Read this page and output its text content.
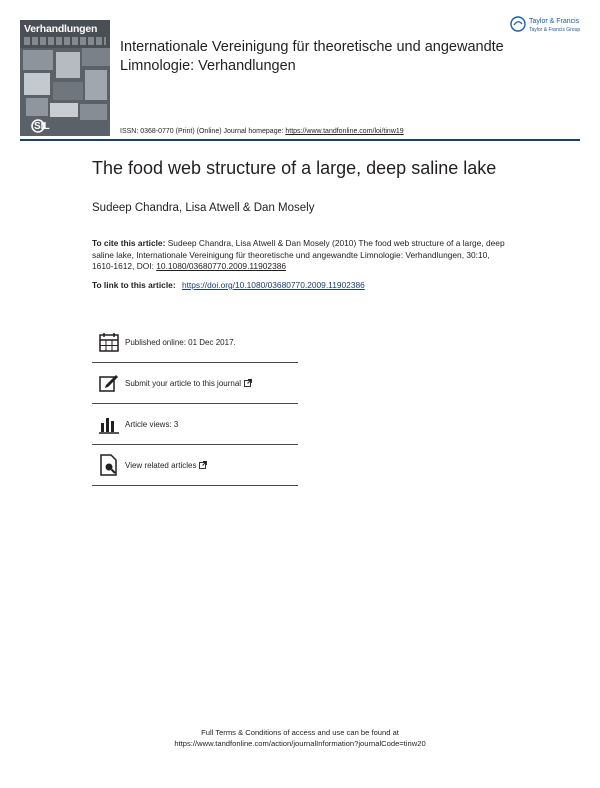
Verhandlungen
SIL
Internationale Vereinigung für theoretische und angewandte Limnologie: Verhandlungen
Taylor & Francis
Taylor & Francis Group
ISSN: 0368-0770 (Print) (Online) Journal homepage: https://www.tandfonline.com/loi/tinw19
The food web structure of a large, deep saline lake
Sudeep Chandra, Lisa Atwell & Dan Mosely
To cite this article: Sudeep Chandra, Lisa Atwell & Dan Mosely (2010) The food web structure of a large, deep saline lake, Internationale Vereinigung für theoretische und angewandte Limnologie: Verhandlungen, 30:10, 1610-1612, DOI: 10.1080/03680770.2009.11902386
To link to this article: https://doi.org/10.1080/03680770.2009.11902386
Published online: 01 Dec 2017.
Submit your article to this journal
Article views: 3
View related articles
Full Terms & Conditions of access and use can be found at
https://www.tandfonline.com/action/journalInformation?journalCode=tinw20
